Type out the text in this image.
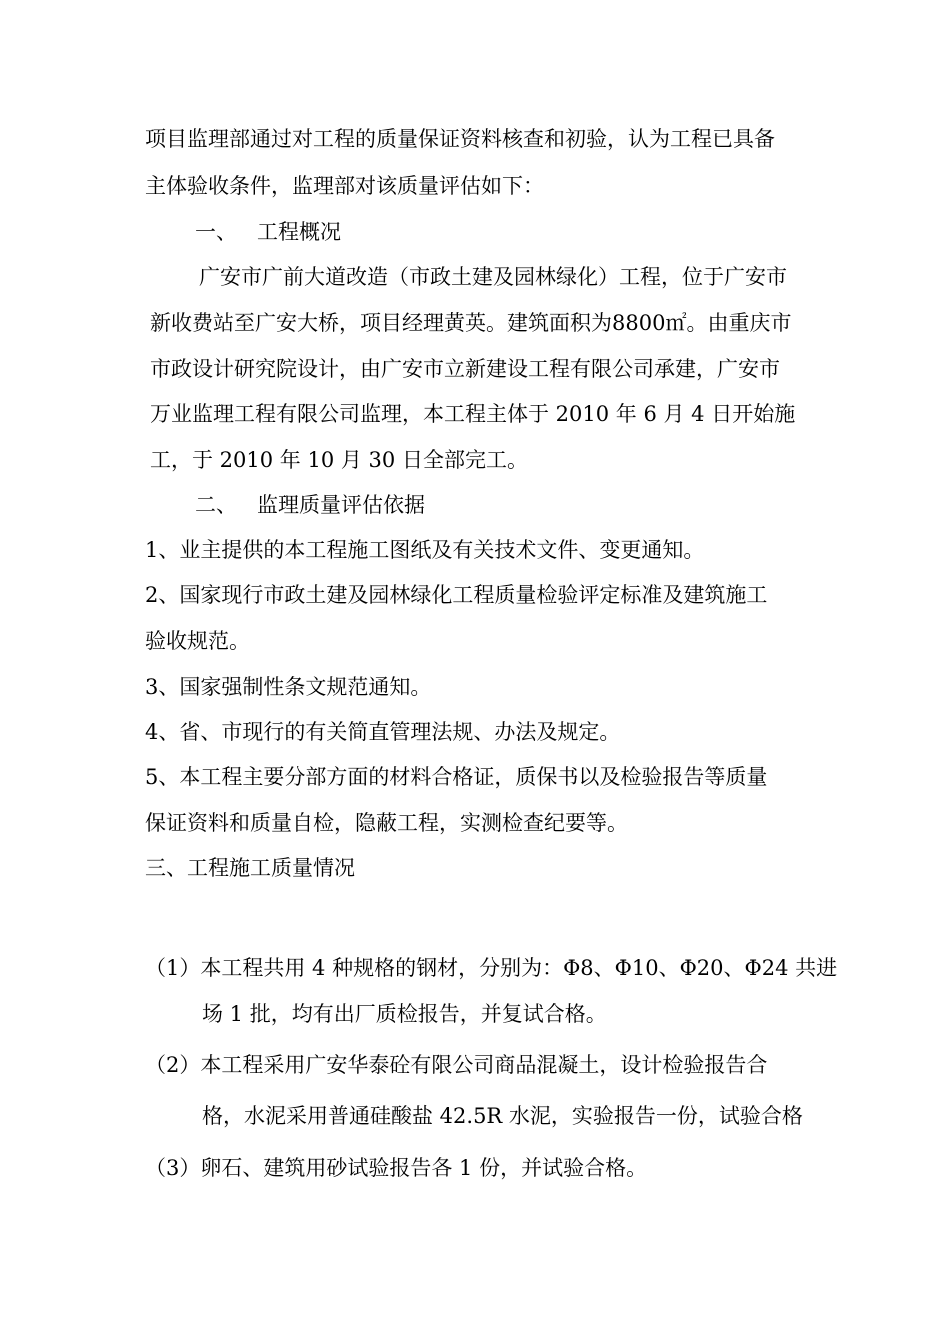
项目监理部通过对工程的质量保证资料核查和初验，认为工程已具备
主体验收条件，监理部对该质量评估如下：
一、   工程概况
广安市广前大道改造（市政土建及园林绿化）工程，位于广安市
新收费站至广安大桥，项目经理黄英。建筑面积为8800㎡。由重庆市
市政设计研究院设计，由广安市立新建设工程有限公司承建，广安市
万业监理工程有限公司监理，本工程主体于 2010 年 6 月 4 日开始施
工，于 2010 年 10 月 30 日全部完工。
二、   监理质量评估依据
1、业主提供的本工程施工图纸及有关技术文件、变更通知。
2、国家现行市政土建及园林绿化工程质量检验评定标准及建筑施工
验收规范。
3、国家强制性条文规范通知。
4、省、市现行的有关简直管理法规、办法及规定。
5、本工程主要分部方面的材料合格证，质保书以及检验报告等质量
保证资料和质量自检，隐蔽工程，实测检查纪要等。
三、工程施工质量情况
（1）本工程共用 4 种规格的钢材，分别为：Φ8、Φ10、Φ20、Φ24 共进
场 1 批，均有出厂质检报告，并复试合格。
（2）本工程采用广安华泰砼有限公司商品混凝土，设计检验报告合
格，水泥采用普通硅酸盐 42.5R 水泥，实验报告一份，试验合格
（3）卵石、建筑用砂试验报告各 1 份，并试验合格。
